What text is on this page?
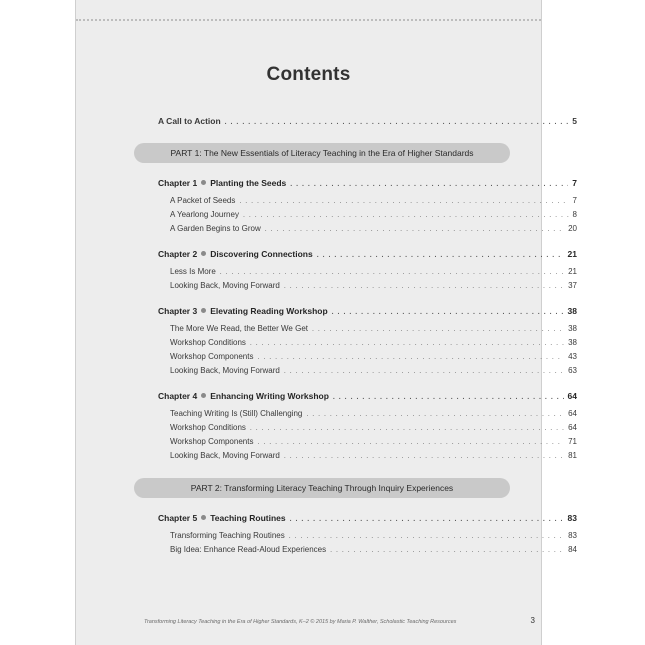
Contents
A Call to Action . . .	5
PART 1: The New Essentials of Literacy Teaching in the Era of Higher Standards
Chapter 1 Planting the Seeds . . .	7
A Packet of Seeds . . .	7
A Yearlong Journey . . .	8
A Garden Begins to Grow . . .	20
Chapter 2 Discovering Connections . . .	21
Less Is More . . .	21
Looking Back, Moving Forward . . .	37
Chapter 3 Elevating Reading Workshop . . .	38
The More We Read, the Better We Get . . .	38
Workshop Conditions . . .	38
Workshop Components . . .	43
Looking Back, Moving Forward . . .	63
Chapter 4 Enhancing Writing Workshop . . .	64
Teaching Writing Is (Still) Challenging . . .	64
Workshop Conditions . . .	64
Workshop Components . . .	71
Looking Back, Moving Forward . . .	81
PART 2: Transforming Literacy Teaching Through Inquiry Experiences
Chapter 5 Teaching Routines . . .	83
Transforming Teaching Routines . . .	83
Big Idea: Enhance Read-Aloud Experiences . . .	84
Transforming Literacy Teaching in the Era of Higher Standards, K–2 © 2015 by Maria P. Walther, Scholastic Teaching Resources	3
